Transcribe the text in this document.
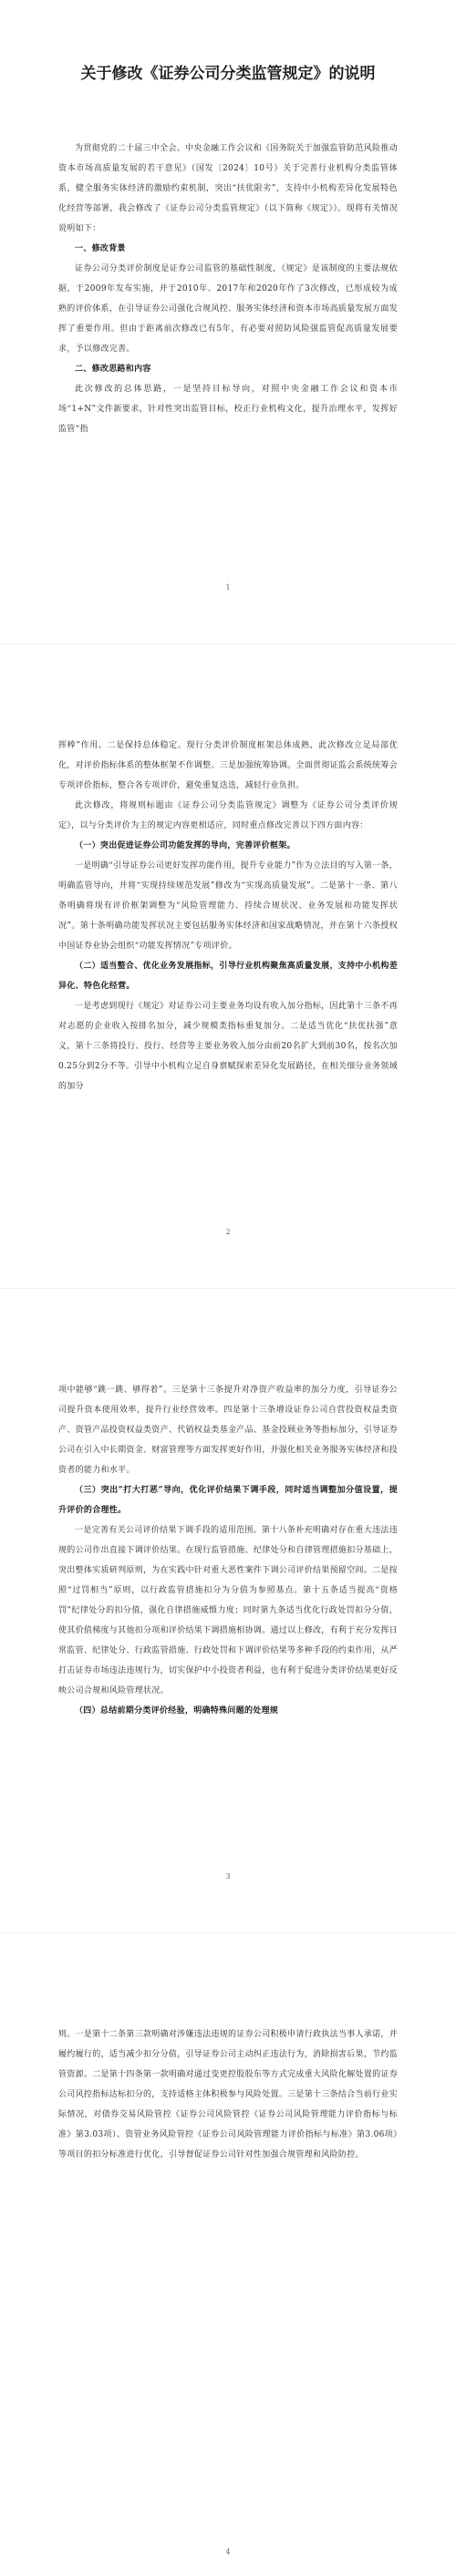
关于修改《证券公司分类监管规定》的说明

为贯彻党的二十届三中全会、中央金融工作会议和《国务院关于加强监管防范风险推动资本市场高质量发展的若干意见》（国发〔2024〕10号）关于完善行业机构分类监管体系，健全服务实体经济的激励约束机制，突出“扶优限劣”，支持中小机构差异化发展特色化经营等部署，我会修改了《证券公司分类监管规定》（以下简称《规定》）。现将有关情况说明如下：

一、修改背景

证券公司分类评价制度是证券公司监管的基础性制度，《规定》是该制度的主要法规依据，于2009年发布实施，并于2010年、2017年和2020年作了3次修改，已形成较为成熟的评价体系，在引导证券公司强化合规风控、服务实体经济和资本市场高质量发展方面发挥了重要作用。但由于距离前次修改已有5年，有必要对照防风险强监管促高质量发展要求，予以修改完善。

二、修改思路和内容

此次修改的总体思路，一是坚持目标导向，对照中央金融工作会议和资本市场“1+N”文件新要求，针对性突出监管目标，校正行业机构文化，提升治理水平，发挥好监管“指

1

挥棒”作用。二是保持总体稳定。现行分类评价制度框架总体成熟，此次修改立足局部优化，对评价指标体系的整体框架不作调整。三是加强统筹协调。全面贯彻证监会系统统筹会专项评价指标，整合各专项评价，避免重复迭迭，减轻行业负担。

此次修改，将规则标题由《证券公司分类监管规定》调整为《证券公司分类评价规定》，以与分类评价为主的规定内容更相适应，同时重点修改完善以下四方面内容：

（一）突出促进证券公司功能发挥的导向，完善评价框架。

一是明确“引导证券公司更好发挥功能作用，提升专业能力”作为立法目的写入第一条，明确监管导向，并将“实现持续规范发展”修改为“实现高质量发展”。二是第十一条、第八条明确将现有评价框架调整为“风险管理能力、持续合规状况、业务发展和功能发挥状况”。第十条明确功能发挥状况主要包括服务实体经济和国家战略情况，并在第十六条授权中国证券业协会组织“功能发挥情况”专项评价。

（二）适当整合、优化业务发展指标，引导行业机构聚焦高质量发展，支持中小机构差异化、特色化经营。

一是考虑到现行《规定》对证券公司主要业务均设有收入加分指标，因此第十三条不再对志愿的企业收入按排名加分，减少规模类指标重复加分。二是适当优化“扶优扶强”意义，第十三条将投行、投行、经营等主要业务收入加分由前20名扩大到前30名，按名次加0.25分到2分不等。引导中小机构立足自身禀赋探索差异化发展路径，在相关细分业务领域的加分

2

项中能够“跳一跳、够得着”。三是第十三条提升对净资产收益率的加分力度，引导证券公司提升资本使用效率，提升行业经营效率。四是第十三条增设证券公司自营投资权益类资产、资管产品投资权益类资产、代销权益类基金产品、基金投顾业务等指标加分，引导证券公司在引入中长期资金、财富管理等方面发挥更好作用，并强化相关业务服务实体经济和投资者的能力和水平。

（三）突出“打大打恶”导向，优化评价结果下调手段，同时适当调整加分值设置，提升评价的合理性。

一是完善有关公司评价结果下调手段的适用范围。第十八条补充明确对存在重大违法违规的公司作出直接下调评价结果。在现行监管措施、纪律处分和自律管理措施扣分基础上，突出整体实质研判原则，为在实践中针对重大恶性案件下调公司评价结果预留空间。二是按照“过罚相当”原则，以行政监管措施扣分为分值为参照基点。第十五条适当提高“资格罚”纪律处分的扣分值，强化自律措施威慑力度；同时第九条适当优化行政处罚扣分分值，使其价值梯度与其他扣分项和评价结果下调措施相协调。通过以上修改，有利于充分发挥日常监管、纪律处分、行政监管措施、行政处罚和下调评价结果等多种手段的约束作用，从严打击证券市场违法违规行为，切实保护中小投资者利益，也有利于促进分类评价结果更好反映公司合规和风险管理状况。

（四）总结前期分类评价经验，明确特殊问题的处理规

3

则。一是第十二条第三款明确对涉嫌违法违规的证券公司积极申请行政执法当事人承诺，并履约履行的，适当减少扣分分值，引导证券公司主动纠正违法行为，消除损害后果，节约监管资源。二是第十四条第一款明确对通过变更控股股东等方式完成重大风险化解处置的证券公司风控指标达标扣分的，支持适格主体积极参与风险处置。三是第十三条结合当前行业实际情况，对债券交易风险管控《证券公司风险管控《证券公司风险管理能力评价指标与标准》第3.03项）、资管业务风险管控《证券公司风险管理能力评价指标与标准》第3.06项）等项目的扣分标准进行优化，引导督促证券公司针对性加强合规管理和风险防控。

4
